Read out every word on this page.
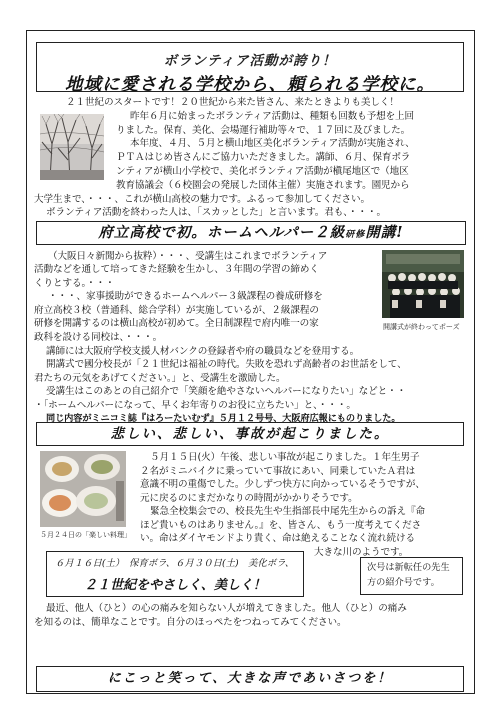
ボランティア活動が誇り！
地域に愛される学校から、頼られる学校に。
２１世紀のスタートです！２０世紀から来た皆さん、来たときよりも美しく！
昨年６月に始まったボランティア活動は、種類も回数も予想を上回
りました。保育、美化、会場運行補助等々で、１７回に及びました。
本年度、４月、５月と横山地区美化ボランティア活動が実施され、
ＰＴＡはじめ皆さんにご協力いただきました。講師、６月、保育ボラ
ンティアが横山小学校で、美化ボランティア活動が槇尾地区で（地区
教育協議会（６校園会の発展した団体主催）実施されます。園児から
大学生まで、・・・、これが横山高校の魅力です。ふるって参加してください。
ボランティア活動を終わった人は、「スカッとした」と言います。君も、・・・。
府立高校で初。ホームヘルパー２級研修開講!
開講式が終わってポーズ
（大阪日々新聞から抜粋）・・・、受講生はこれまでボランティア
活動などを通して培ってきた経験を生かし、３年間の学習の締めく
くりとする。・・・
・・・、家事援助ができるホームヘルパー３級課程の養成研修を
府立高校３校（普通科、総合学科）が実施しているが、２級課程の
研修を開講するのは横山高校が初めて。全日制課程で府内唯一の家
政科を設ける同校は、・・・。
講師には大阪府学校支援人材バンクの登録者や府の職員などを登用する。
開講式で國分校長が「２１世紀は福祉の時代。失敗を恐れず高齢者のお世話をして、
君たちの元気をあげてください。」と、受講生を激励した。
受講生はこのあとの自己紹介で「笑顔を絶やさないヘルパーになりたい」などと・・
・「ホームヘルパーになって、早くお年寄りのお役に立ちたい」と、・・・。
同じ内容がミニコミ誌『はろーたいむず』５月１２号号、大阪府広報にものりました。
悲しい、悲しい、事故が起こりました。
５月２４日の「楽しい料理」
５月１５日(火）午後、悲しい事故が起こりました。１年生男子
２名がミニバイクに乗っていて事故にあい、同乗していたＡ君は
意識不明の重傷でした。少しずつ快方に向かっているそうですが、
元に戻るのにまだかなりの時間がかかりそうです。
緊急全校集会での、校長先生や生指部長中尾先生からの訴え『命
ほど貴いものはありません。』を、皆さん、もう一度考えてくださ
い。命はダイヤモンドより貴く、命は絶えることなく流れ続ける
大きな川のようです。
６月１６日(土）　保育ボラ、６月３０日(土)　美化ボラ、
２１世紀をやさしく、美しく！
次号は新転任の先生
方の紹介号です。
最近、他人（ひと）の心の痛みを知らない人が増えてきました。他人（ひと）の痛み
を知るのは、簡単なことです。自分のほっぺたをつねってみてください。
にこっと笑って、大きな声であいさつを！
